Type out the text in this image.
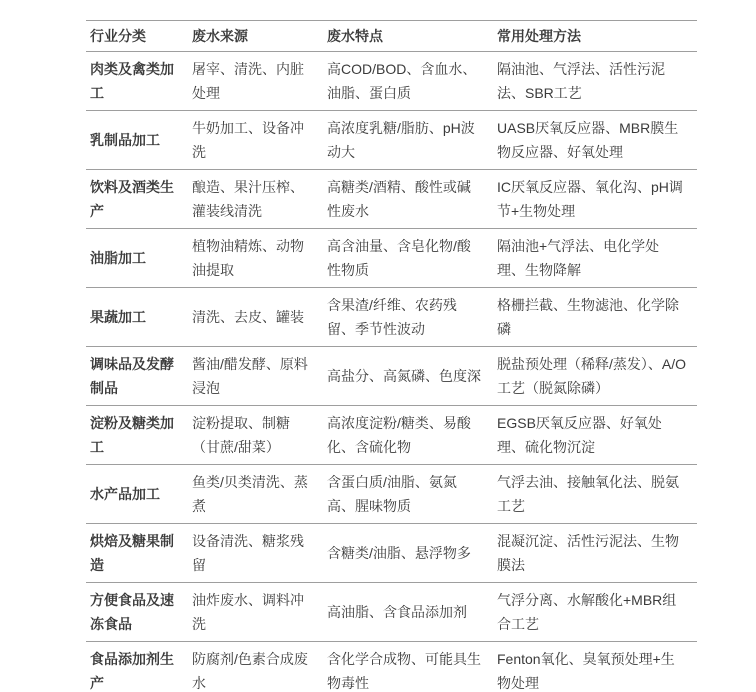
行业分类	废水来源	废水特点	常用处理方法
肉类及禽类加工	屠宰、清洗、内脏处理	高COD/BOD、含血水、油脂、蛋白质	隔油池、气浮法、活性污泥法、SBR工艺
乳制品加工	牛奶加工、设备冲洗	高浓度乳糖/脂肪、pH波动大	UASB厌氧反应器、MBR膜生物反应器、好氧处理
饮料及酒类生产	酿造、果汁压榨、灌装线清洗	高糖类/酒精、酸性或碱性废水	IC厌氧反应器、氧化沟、pH调节+生物处理
油脂加工	植物油精炼、动物油提取	高含油量、含皂化物/酸性物质	隔油池+气浮法、电化学处理、生物降解
果蔬加工	清洗、去皮、罐装	含果渣/纤维、农药残留、季节性波动	格栅拦截、生物滤池、化学除磷
调味品及发酵制品	酱油/醋发酵、原料浸泡	高盐分、高氮磷、色度深	脱盐预处理（稀释/蒸发）、A/O工艺（脱氮除磷）
淀粉及糖类加工	淀粉提取、制糖（甘蔗/甜菜）	高浓度淀粉/糖类、易酸化、含硫化物	EGSB厌氧反应器、好氧处理、硫化物沉淀
水产品加工	鱼类/贝类清洗、蒸煮	含蛋白质/油脂、氨氮高、腥味物质	气浮去油、接触氧化法、脱氨工艺
烘焙及糖果制造	设备清洗、糖浆残留	含糖类/油脂、悬浮物多	混凝沉淀、活性污泥法、生物膜法
方便食品及速冻食品	油炸废水、调料冲洗	高油脂、含食品添加剂	气浮分离、水解酸化+MBR组合工艺
食品添加剂生产	防腐剂/色素合成废水	含化学合成物、可能具生物毒性	Fenton氧化、臭氧预处理+生物处理
